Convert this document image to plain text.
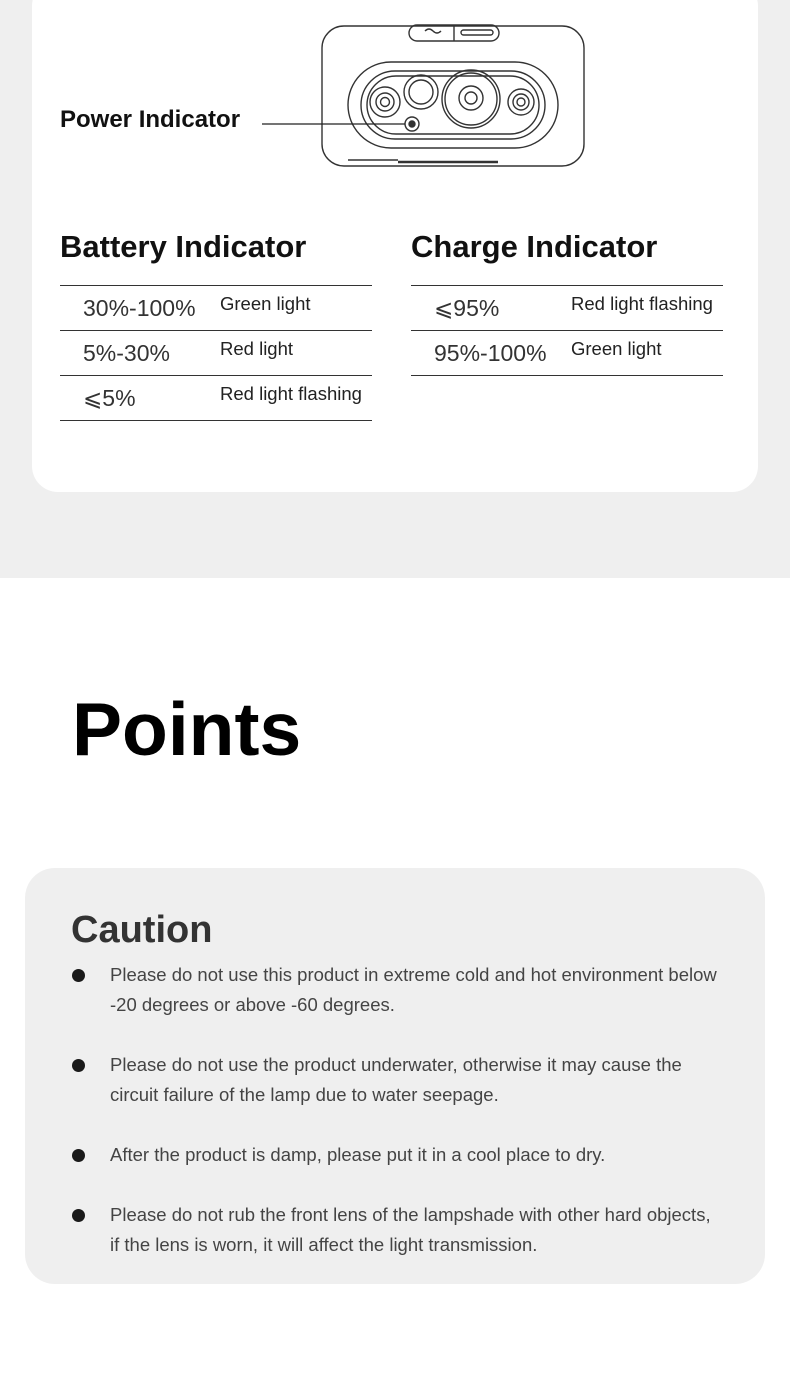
Power Indicator
Battery Indicator
30%-100% Green light
5%-30%	Red light
⩽5%	Red light flashing
Charge Indicator
⩽95%	Red light flashing
95%-100% Green light
Points
Caution
Please do not use this product in extreme cold and hot environment below -20 degrees or above -60 degrees.
Please do not use the product underwater, otherwise it may cause the circuit failure of the lamp due to water seepage.
After the product is damp, please put it in a cool place to dry.
Please do not rub the front lens of the lampshade with other hard objects, if the lens is worn, it will affect the light transmission.
